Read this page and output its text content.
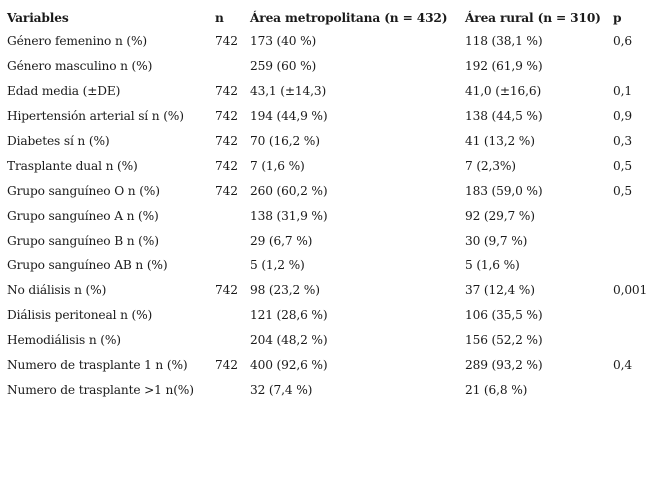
Variables	n	Área metropolitana (n = 432)	Área rural (n = 310)	p
Género femenino n (%)	742	173 (40 %)	118 (38,1 %)	0,6
Género masculino n (%)		259 (60 %)	192 (61,9 %)	
Edad media (±DE)	742	43,1 (±14,3)	41,0 (±16,6)	0,1
Hipertensión arterial sí n (%)	742	194 (44,9 %)	138 (44,5 %)	0,9
Diabetes sí n (%)	742	70 (16,2 %)	41 (13,2 %)	0,3
Trasplante dual n (%)	742	7 (1,6 %)	7 (2,3%)	0,5
Grupo sanguíneo O n (%)	742	260 (60,2 %)	183 (59,0 %)	0,5
Grupo sanguíneo A n (%)		138 (31,9 %)	92 (29,7 %)	
Grupo sanguíneo B n (%)		29 (6,7 %)	30 (9,7 %)	
Grupo sanguíneo AB n (%)		5 (1,2 %)	5 (1,6 %)	
No diálisis n (%)	742	98 (23,2 %)	37 (12,4 %)	0,001
Diálisis peritoneal n (%)		121 (28,6 %)	106 (35,5 %)	
Hemodiálisis n (%)		204 (48,2 %)	156 (52,2 %)	
Numero de trasplante 1 n (%)	742	400 (92,6 %)	289 (93,2 %)	0,4
Numero de trasplante >1 n(%)		32 (7,4 %)	21 (6,8 %)	
